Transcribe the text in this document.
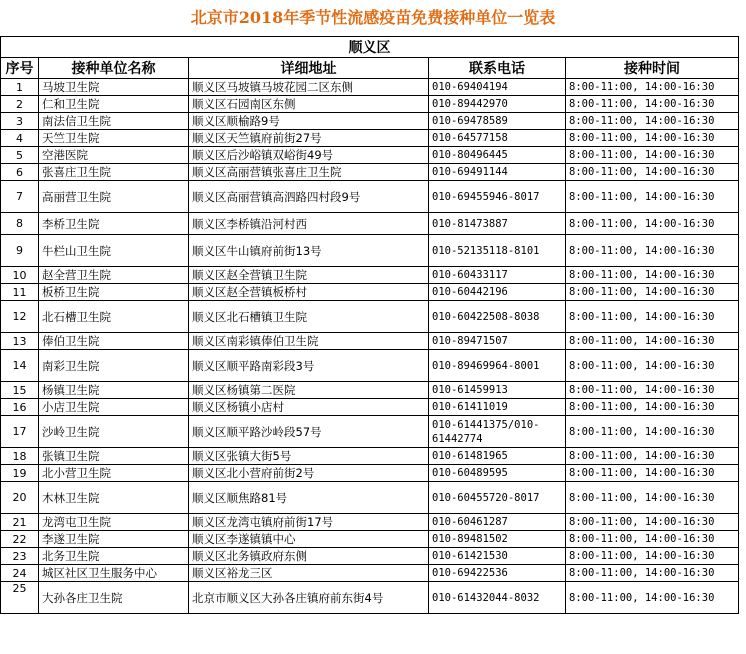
北京市2018年季节性流感疫苗免费接种单位一览表
顺义区				
序号	接种单位名称	详细地址	联系电话	接种时间
1	马坡卫生院	顺义区马坡镇马坡花园二区东侧	010-69404194	8:00-11:00, 14:00-16:30
2	仁和卫生院	顺义区石园南区东侧	010-89442970	8:00-11:00, 14:00-16:30
3	南法信卫生院	顺义区顺榆路9号	010-69478589	8:00-11:00, 14:00-16:30
4	天竺卫生院	顺义区天竺镇府前街27号	010-64577158	8:00-11:00, 14:00-16:30
5	空港医院	顺义区后沙峪镇双峪街49号	010-80496445	8:00-11:00, 14:00-16:30
6	张喜庄卫生院	顺义区高丽营镇张喜庄卫生院	010-69491144	8:00-11:00, 14:00-16:30
7	高丽营卫生院	顺义区高丽营镇高泗路四村段9号	010-69455946-8017	8:00-11:00, 14:00-16:30
8	李桥卫生院	顺义区李桥镇沿河村西	010-81473887	8:00-11:00, 14:00-16:30
9	牛栏山卫生院	顺义区牛山镇府前街13号	010-52135118-8101	8:00-11:00, 14:00-16:30
10	赵全营卫生院	顺义区赵全营镇卫生院	010-60433117	8:00-11:00, 14:00-16:30
11	板桥卫生院	顺义区赵全营镇板桥村	010-60442196	8:00-11:00, 14:00-16:30
12	北石槽卫生院	顺义区北石槽镇卫生院	010-60422508-8038	8:00-11:00, 14:00-16:30
13	俸伯卫生院	顺义区南彩镇俸伯卫生院	010-89471507	8:00-11:00, 14:00-16:30
14	南彩卫生院	顺义区顺平路南彩段3号	010-89469964-8001	8:00-11:00, 14:00-16:30
15	杨镇卫生院	顺义区杨镇第二医院	010-61459913	8:00-11:00, 14:00-16:30
16	小店卫生院	顺义区杨镇小店村	010-61411019	8:00-11:00, 14:00-16:30
17	沙岭卫生院	顺义区顺平路沙岭段57号	010-61441375/010-61442774	8:00-11:00, 14:00-16:30
18	张镇卫生院	顺义区张镇大街5号	010-61481965	8:00-11:00, 14:00-16:30
19	北小营卫生院	顺义区北小营府前街2号	010-60489595	8:00-11:00, 14:00-16:30
20	木林卫生院	顺义区顺焦路81号	010-60455720-8017	8:00-11:00, 14:00-16:30
21	龙湾屯卫生院	顺义区龙湾屯镇府前街17号	010-60461287	8:00-11:00, 14:00-16:30
22	李遂卫生院	顺义区李遂镇镇中心	010-89481502	8:00-11:00, 14:00-16:30
23	北务卫生院	顺义区北务镇政府东侧	010-61421530	8:00-11:00, 14:00-16:30
24	城区社区卫生服务中心	顺义区裕龙三区	010-69422536	8:00-11:00, 14:00-16:30
25	大孙各庄卫生院	北京市顺义区大孙各庄镇府前东街4号	010-61432044-8032	8:00-11:00, 14:00-16:30
